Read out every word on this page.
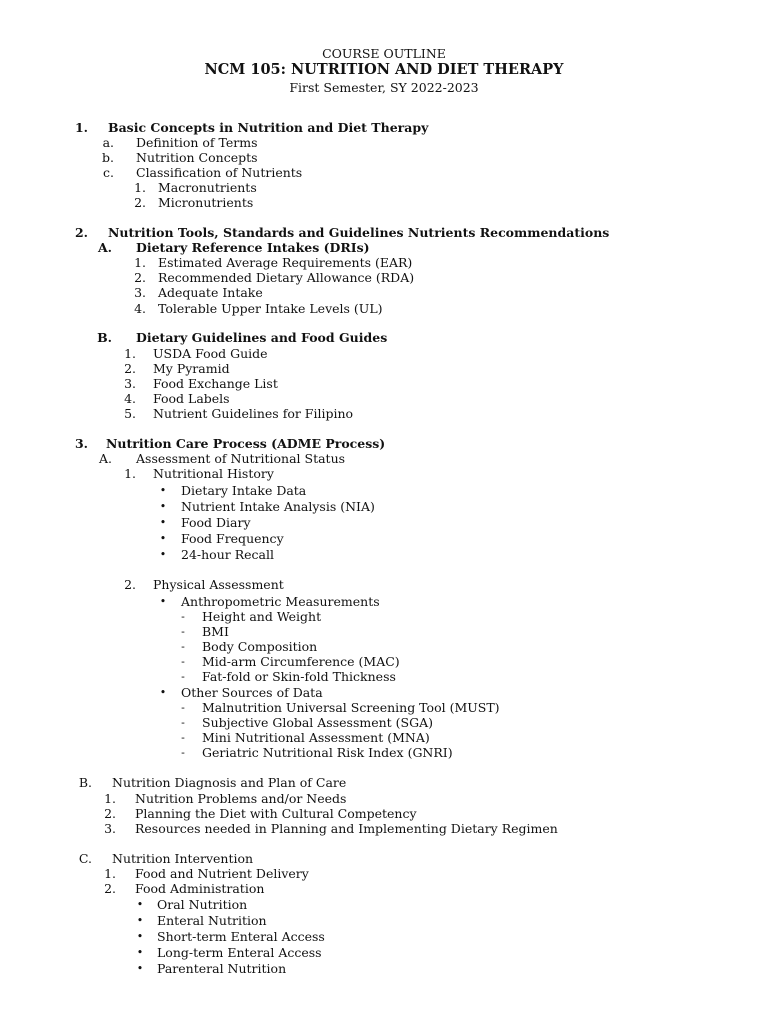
COURSE OUTLINE
NCM 105: NUTRITION AND DIET THERAPY
First Semester, SY 2022-2023
1. Basic Concepts in Nutrition and Diet Therapy
a. Definition of Terms
b. Nutrition Concepts
c. Classification of Nutrients
1. Macronutrients
2. Micronutrients
2. Nutrition Tools, Standards and Guidelines Nutrients Recommendations
A. Dietary Reference Intakes (DRIs)
1. Estimated Average Requirements (EAR)
2. Recommended Dietary Allowance (RDA)
3. Adequate Intake
4. Tolerable Upper Intake Levels (UL)
B. Dietary Guidelines and Food Guides
1. USDA Food Guide
2. My Pyramid
3. Food Exchange List
4. Food Labels
5. Nutrient Guidelines for Filipino
3. Nutrition Care Process (ADME Process)
A. Assessment of Nutritional Status
1. Nutritional History
•	Dietary Intake Data
•	Nutrient Intake Analysis (NIA)
•	Food Diary
•	Food Frequency
•	24-hour Recall
2. Physical Assessment
•	Anthropometric Measurements
-	Height and Weight
-	BMI
-	Body Composition
-	Mid-arm Circumference (MAC)
-	Fat-fold or Skin-fold Thickness
•	Other Sources of Data
-	Malnutrition Universal Screening Tool (MUST)
-	Subjective Global Assessment (SGA)
-	Mini Nutritional Assessment (MNA)
-	Geriatric Nutritional Risk Index (GNRI)
B. Nutrition Diagnosis and Plan of Care
1. Nutrition Problems and/or Needs
2. Planning the Diet with Cultural Competency
3. Resources needed in Planning and Implementing Dietary Regimen
C. Nutrition Intervention
1. Food and Nutrient Delivery
2. Food Administration
•	Oral Nutrition
•	Enteral Nutrition
•	Short-term Enteral Access
•	Long-term Enteral Access
•	Parenteral Nutrition
